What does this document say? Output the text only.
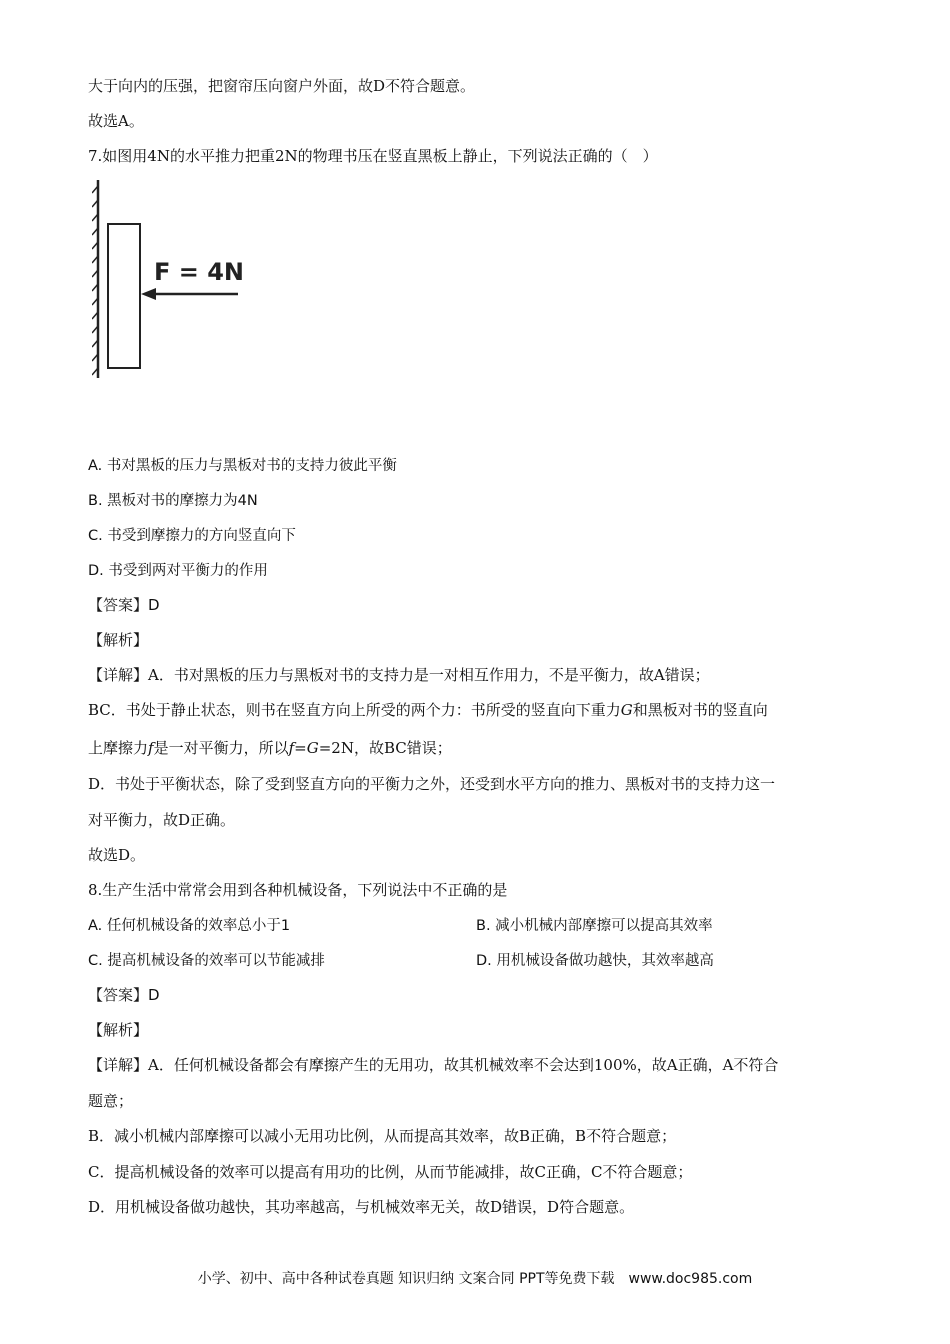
大于向内的压强，把窗帘压向窗户外面，故D不符合题意。
故选A。
7.如图用4N的水平推力把重2N的物理书压在竖直黑板上静止，下列说法正确的（　）
F = 4N
A. 书对黑板的压力与黑板对书的支持力彼此平衡
B. 黑板对书的摩擦力为4N
C. 书受到摩擦力的方向竖直向下
D. 书受到两对平衡力的作用
【答案】D
【解析】
【详解】A．书对黑板的压力与黑板对书的支持力是一对相互作用力，不是平衡力，故A错误；
BC．书处于静止状态，则书在竖直方向上所受的两个力：书所受的竖直向下重力G和黑板对书的竖直向
上摩擦力f是一对平衡力，所以f=G=2N，故BC错误；
D．书处于平衡状态，除了受到竖直方向的平衡力之外，还受到水平方向的推力、黑板对书的支持力这一
对平衡力，故D正确。
故选D。
8.生产生活中常常会用到各种机械设备，下列说法中不正确的是
A. 任何机械设备的效率总小于1	B. 减小机械内部摩擦可以提高其效率
C. 提高机械设备的效率可以节能减排	D. 用机械设备做功越快，其效率越高
【答案】D
【解析】
【详解】A．任何机械设备都会有摩擦产生的无用功，故其机械效率不会达到100%，故A正确，A不符合
题意；
B．减小机械内部摩擦可以减小无用功比例，从而提高其效率，故B正确，B不符合题意；
C．提高机械设备的效率可以提高有用功的比例，从而节能减排，故C正确，C不符合题意；
D．用机械设备做功越快，其功率越高，与机械效率无关，故D错误，D符合题意。
小学、初中、高中各种试卷真题 知识归纳 文案合同 PPT等免费下载　www.doc985.com
